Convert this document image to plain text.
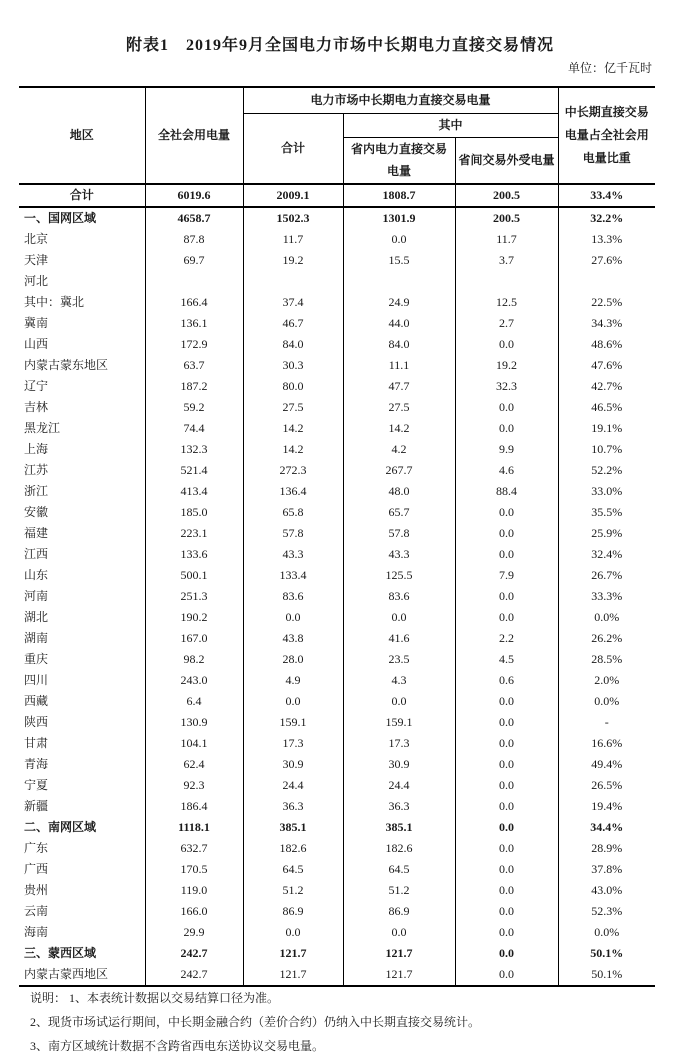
附表1　2019年9月全国电力市场中长期电力直接交易情况
单位：亿千瓦时
地区	全社会用电量	电力市场中长期电力直接交易电量			中长期直接交易电量占全社会用电量比重
		合计	其中		
			省内电力直接交易电量	省间交易外受电量	
合计	6019.6	2009.1	1808.7	200.5	33.4%
一、国网区域	4658.7	1502.3	1301.9	200.5	32.2%
北京	87.8	11.7	0.0	11.7	13.3%
天津	69.7	19.2	15.5	3.7	27.6%
河北					
其中：冀北	166.4	37.4	24.9	12.5	22.5%
冀南	136.1	46.7	44.0	2.7	34.3%
山西	172.9	84.0	84.0	0.0	48.6%
内蒙古蒙东地区	63.7	30.3	11.1	19.2	47.6%
辽宁	187.2	80.0	47.7	32.3	42.7%
吉林	59.2	27.5	27.5	0.0	46.5%
黑龙江	74.4	14.2	14.2	0.0	19.1%
上海	132.3	14.2	4.2	9.9	10.7%
江苏	521.4	272.3	267.7	4.6	52.2%
浙江	413.4	136.4	48.0	88.4	33.0%
安徽	185.0	65.8	65.7	0.0	35.5%
福建	223.1	57.8	57.8	0.0	25.9%
江西	133.6	43.3	43.3	0.0	32.4%
山东	500.1	133.4	125.5	7.9	26.7%
河南	251.3	83.6	83.6	0.0	33.3%
湖北	190.2	0.0	0.0	0.0	0.0%
湖南	167.0	43.8	41.6	2.2	26.2%
重庆	98.2	28.0	23.5	4.5	28.5%
四川	243.0	4.9	4.3	0.6	2.0%
西藏	6.4	0.0	0.0	0.0	0.0%
陕西	130.9	159.1	159.1	0.0	-
甘肃	104.1	17.3	17.3	0.0	16.6%
青海	62.4	30.9	30.9	0.0	49.4%
宁夏	92.3	24.4	24.4	0.0	26.5%
新疆	186.4	36.3	36.3	0.0	19.4%
二、南网区域	1118.1	385.1	385.1	0.0	34.4%
广东	632.7	182.6	182.6	0.0	28.9%
广西	170.5	64.5	64.5	0.0	37.8%
贵州	119.0	51.2	51.2	0.0	43.0%
云南	166.0	86.9	86.9	0.0	52.3%
海南	29.9	0.0	0.0	0.0	0.0%
三、蒙西区域	242.7	121.7	121.7	0.0	50.1%
内蒙古蒙西地区	242.7	121.7	121.7	0.0	50.1%
说明： 1、本表统计数据以交易结算口径为准。
2、现货市场试运行期间，中长期金融合约（差价合约）仍纳入中长期直接交易统计。
3、南方区域统计数据不含跨省西电东送协议交易电量。
